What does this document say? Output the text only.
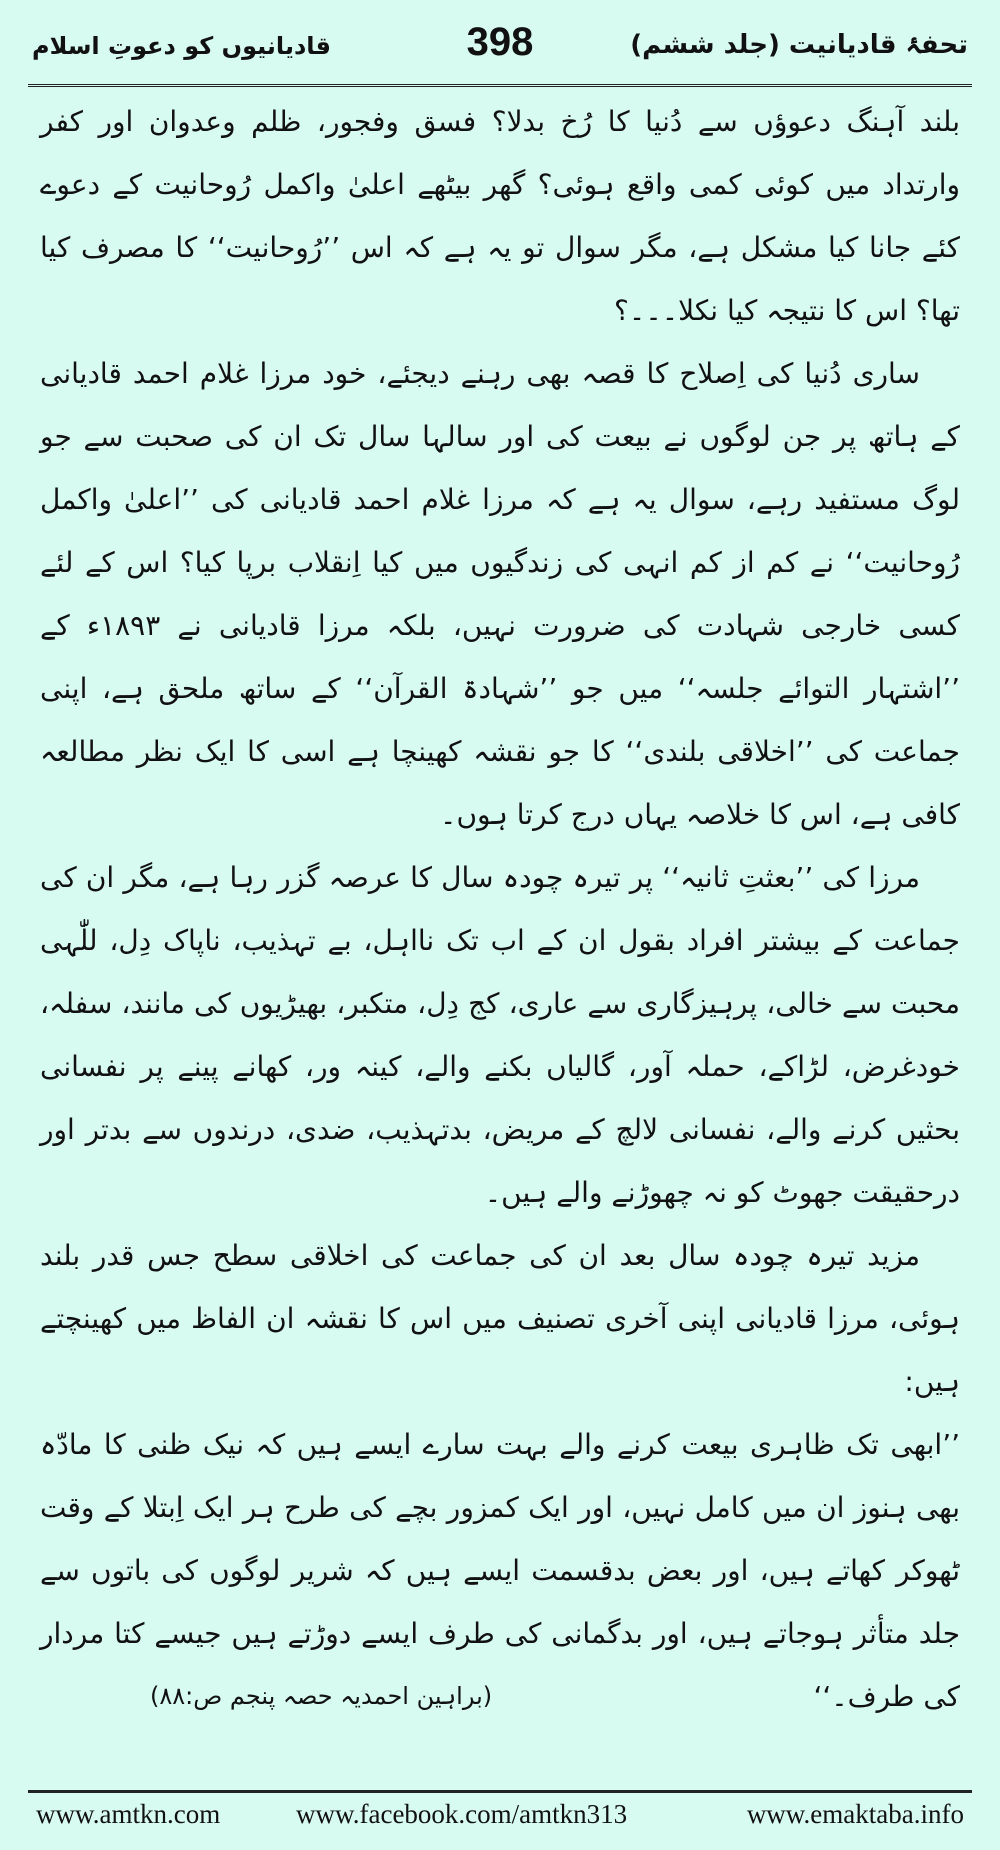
تحفۂ قادیانیت (جلد ششم)
398
قادیانیوں کو دعوتِ اسلام

بلند آہنگ دعوؤں سے دُنیا کا رُخ بدلا؟ فسق وفجور، ظلم وعدوان اور کفر وارتداد میں کوئی کمی واقع ہوئی؟ گھر بیٹھے اعلیٰ واکمل رُوحانیت کے دعوے کئے جانا کیا مشکل ہے، مگر سوال تو یہ ہے کہ اس ’’رُوحانیت‘‘ کا مصرف کیا تھا؟ اس کا نتیجہ کیا نکلا۔۔۔؟

ساری دُنیا کی اِصلاح کا قصہ بھی رہنے دیجئے، خود مرزا غلام احمد قادیانی کے ہاتھ پر جن لوگوں نے بیعت کی اور سالہا سال تک ان کی صحبت سے جو لوگ مستفید رہے، سوال یہ ہے کہ مرزا غلام احمد قادیانی کی ’’اعلیٰ واکمل رُوحانیت‘‘ نے کم از کم انہی کی زندگیوں میں کیا اِنقلاب برپا کیا؟ اس کے لئے کسی خارجی شہادت کی ضرورت نہیں، بلکہ مرزا قادیانی نے ۱۸۹۳ء کے ’’اشتہار التوائے جلسہ‘‘ میں جو ’’شہادۃ القرآن‘‘ کے ساتھ ملحق ہے، اپنی جماعت کی ’’اخلاقی بلندی‘‘ کا جو نقشہ کھینچا ہے اسی کا ایک نظر مطالعہ کافی ہے، اس کا خلاصہ یہاں درج کرتا ہوں۔

مرزا کی ’’بعثتِ ثانیہ‘‘ پر تیرہ چودہ سال کا عرصہ گزر رہا ہے، مگر ان کی جماعت کے بیشتر افراد بقول ان کے اب تک نااہل، بے تہذیب، ناپاک دِل، للّٰہی محبت سے خالی، پرہیزگاری سے عاری، کج دِل، متکبر، بھیڑیوں کی مانند، سفلہ، خودغرض، لڑاکے، حملہ آور، گالیاں بکنے والے، کینہ ور، کھانے پینے پر نفسانی بحثیں کرنے والے، نفسانی لالچ کے مریض، بدتہذیب، ضدی، درندوں سے بدتر اور درحقیقت جھوٹ کو نہ چھوڑنے والے ہیں۔

مزید تیرہ چودہ سال بعد ان کی جماعت کی اخلاقی سطح جس قدر بلند ہوئی، مرزا قادیانی اپنی آخری تصنیف میں اس کا نقشہ ان الفاظ میں کھینچتے ہیں:

’’ابھی تک ظاہری بیعت کرنے والے بہت سارے ایسے ہیں کہ نیک ظنی کا مادّہ بھی ہنوز ان میں کامل نہیں، اور ایک کمزور بچے کی طرح ہر ایک اِبتلا کے وقت ٹھوکر کھاتے ہیں، اور بعض بدقسمت ایسے ہیں کہ شریر لوگوں کی باتوں سے جلد متأثر ہوجاتے ہیں، اور بدگمانی کی طرف ایسے دوڑتے ہیں جیسے کتا مردار کی طرف۔‘‘

(براہین احمدیہ حصہ پنجم ص:۸۸)
www.amtkn.com	www.facebook.com/amtkn313	www.emaktaba.info
